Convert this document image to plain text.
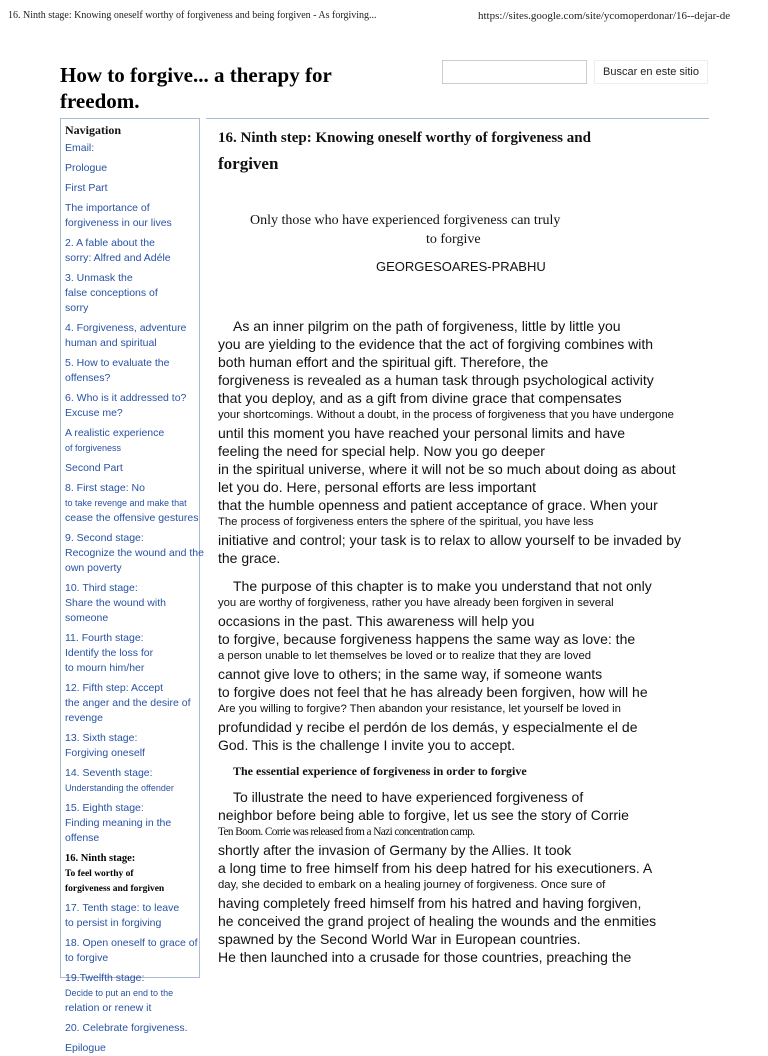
16. Ninth stage: Knowing oneself worthy of forgiveness and being forgiven - As forgiving...	https://sites.google.com/site/ycomoperdonar/16--dejar-de
How to forgive... a therapy for freedom.
Buscar en este sitio
Navigation
Email:
Prologue
First Part
The importance of
forgiveness in our lives
2. A fable about the
sorry: Alfred and Adéle
3. Unmask the
false conceptions of
sorry
4. Forgiveness, adventure
human and spiritual
5. How to evaluate the
offenses?
6. Who is it addressed to?
Excuse me?
A realistic experience
of forgiveness
Second Part
8. First stage: No
to take revenge and make that
cease the offensive gestures
9. Second stage:
Recognize the wound and the
own poverty
10. Third stage:
Share the wound with
someone
11. Fourth stage:
Identify the loss for
to mourn him/her
12. Fifth step: Accept
the anger and the desire of
revenge
13. Sixth stage:
Forgiving oneself
14. Seventh stage:
Understanding the offender
15. Eighth stage:
Finding meaning in the
offense
16. Ninth stage:
To feel worthy of
forgiveness and forgiven
17. Tenth stage: to leave
to persist in forgiving
18. Open oneself to grace of
to forgive
19.Twelfth stage:
Decide to put an end to the
relation or renew it
20. Celebrate forgiveness.
Epilogue
16. Ninth step: Knowing oneself worthy of forgiveness and
forgiven

Only those who have experienced forgiveness can truly
to forgive

GEORGESOARES-PRABHU

As an inner pilgrim on the path of forgiveness, little by little you
you are yielding to the evidence that the act of forgiving combines with
both human effort and the spiritual gift. Therefore, the
forgiveness is revealed as a human task through psychological activity
that you deploy, and as a gift from divine grace that compensates
your shortcomings. Without a doubt, in the process of forgiveness that you have undergone
until this moment you have reached your personal limits and have
feeling the need for special help. Now you go deeper
in the spiritual universe, where it will not be so much about doing as about
let you do. Here, personal efforts are less important
that the humble openness and patient acceptance of grace. When your
The process of forgiveness enters the sphere of the spiritual, you have less
initiative and control; your task is to relax to allow yourself to be invaded by
the grace.
The purpose of this chapter is to make you understand that not only
you are worthy of forgiveness, rather you have already been forgiven in several
occasions in the past. This awareness will help you
to forgive, because forgiveness happens the same way as love: the
a person unable to let themselves be loved or to realize that they are loved
cannot give love to others; in the same way, if someone wants
to forgive does not feel that he has already been forgiven, how will he
Are you willing to forgive? Then abandon your resistance, let yourself be loved in
profundidad y recibe el perdón de los demás, y especialmente el de
God. This is the challenge I invite you to accept.
The essential experience of forgiveness in order to forgive
To illustrate the need to have experienced forgiveness of
neighbor before being able to forgive, let us see the story of Corrie
Ten Boom. Corrie was released from a Nazi concentration camp.
shortly after the invasion of Germany by the Allies. It took
a long time to free himself from his deep hatred for his executioners. A
day, she decided to embark on a healing journey of forgiveness. Once sure of
having completely freed himself from his hatred and having forgiven,
he conceived the grand project of healing the wounds and the enmities
spawned by the Second World War in European countries.
He then launched into a crusade for those countries, preaching the
